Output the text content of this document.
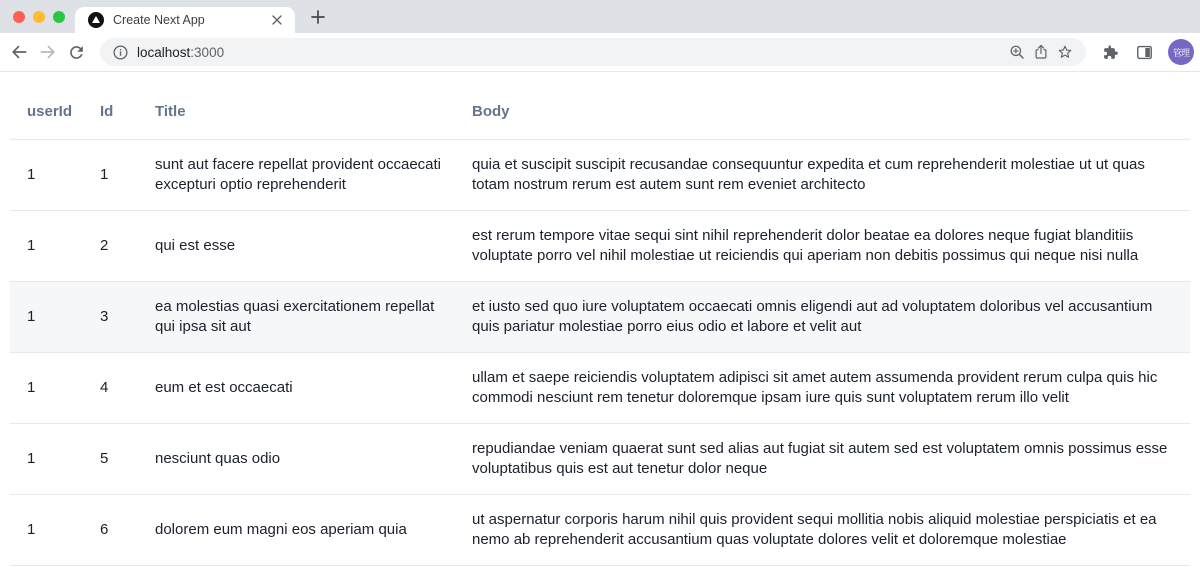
Create Next App
localhost:3000	管理
userId	Id	Title	Body
1	1	sunt aut facere repellat provident occaecati excepturi optio reprehenderit	quia et suscipit suscipit recusandae consequuntur expedita et cum reprehenderit molestiae ut ut quas totam nostrum rerum est autem sunt rem eveniet architecto
1	2	qui est esse	est rerum tempore vitae sequi sint nihil reprehenderit dolor beatae ea dolores neque fugiat blanditiis voluptate porro vel nihil molestiae ut reiciendis qui aperiam non debitis possimus qui neque nisi nulla
1	3	ea molestias quasi exercitationem repellat qui ipsa sit aut	et iusto sed quo iure voluptatem occaecati omnis eligendi aut ad voluptatem doloribus vel accusantium quis pariatur molestiae porro eius odio et labore et velit aut
1	4	eum et est occaecati	ullam et saepe reiciendis voluptatem adipisci sit amet autem assumenda provident rerum culpa quis hic commodi nesciunt rem tenetur doloremque ipsam iure quis sunt voluptatem rerum illo velit
1	5	nesciunt quas odio	repudiandae veniam quaerat sunt sed alias aut fugiat sit autem sed est voluptatem omnis possimus esse voluptatibus quis est aut tenetur dolor neque
1	6	dolorem eum magni eos aperiam quia	ut aspernatur corporis harum nihil quis provident sequi mollitia nobis aliquid molestiae perspiciatis et ea nemo ab reprehenderit accusantium quas voluptate dolores velit et doloremque molestiae
